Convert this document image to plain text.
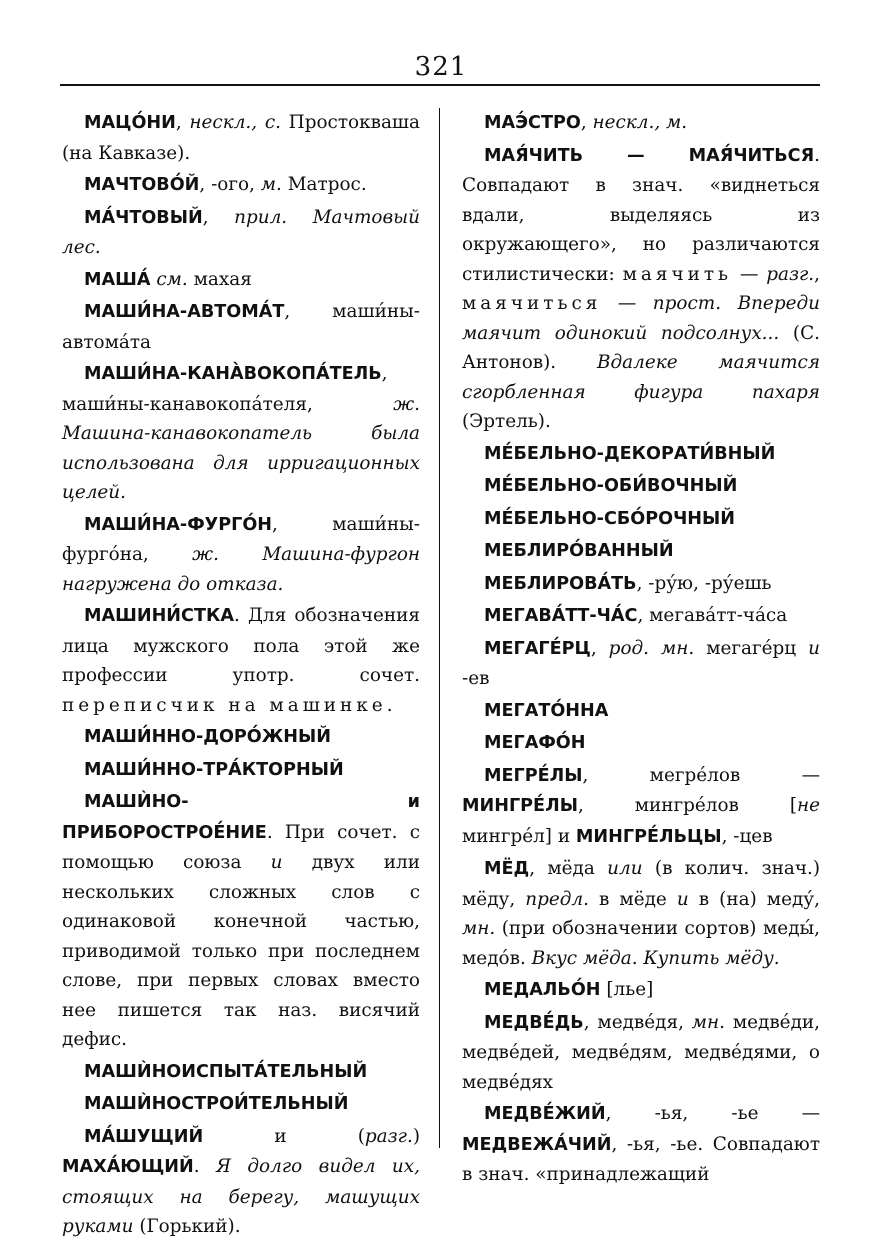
321

МАЦО́НИ, нескл., с. Простокваша (на Кавказе).

МАЧТОВО́Й, -ого, м. Матрос.

МА́ЧТОВЫЙ, прил. Мачтовый лес.

МАША́ см. махая

МАШИ́НА-АВТОМА́Т, маши́ны-автома́та

МАШИ́НА-КАНА̀ВОКОПА́ТЕЛЬ, маши́ны-канавокопа́теля, ж. Машина-канавокопатель была использована для ирригационных целей.

МАШИ́НА-ФУРГО́Н, маши́ны-фурго́на, ж. Машина-фургон нагружена до отказа.

МАШИНИ́СТКА. Для обозначения лица мужского пола этой же профессии употр. сочет. переписчик на машинке.

МАШИ́ННО-ДОРО́ЖНЫЙ

МАШИ́ННО-ТРА́КТОРНЫЙ

МАШЍНО- и ПРИБОРОСТРОЕ́НИЕ. При сочет. с помощью союза и двух или нескольких сложных слов с одинаковой конечной частью, приводимой только при последнем слове, при первых словах вместо нее пишется так наз. висячий дефис.

МАШЍНОИСПЫТА́ТЕЛЬНЫЙ

МАШЍНОСТРОИ́ТЕЛЬНЫЙ

МА́ШУЩИЙ и (разг.) МАХА́ЮЩИЙ. Я долго видел их, стоящих на берегу, машущих руками (Горький).

МАЭ́СТРО, нескл., м.

МАЯ́ЧИТЬ — МАЯ́ЧИТЬСЯ. Совпадают в знач. «виднеться вдали, выделяясь из окружающего», но различаются стилистически: маячить — разг., маячиться — прост. Впереди маячит одинокий подсолнух... (С. Антонов). Вдалеке маячится сгорбленная фигура пахаря (Эртель).

МЕ́БЕЛЬНО-ДЕКОРАТИ́ВНЫЙ

МЕ́БЕЛЬНО-ОБИ́ВОЧНЫЙ

МЕ́БЕЛЬНО-СБО́РОЧНЫЙ

МЕБЛИРО́ВАННЫЙ

МЕБЛИРОВА́ТЬ, -ру́ю, -ру́ешь

МЕГАВА́ТТ-ЧА́С, мегава́тт-ча́са

МЕГАГЕ́РЦ, род. мн. мегаге́рц и -ев

МЕГАТО́ННА

МЕГАФО́Н

МЕГРЕ́ЛЫ, мегре́лов — МИНГРЕ́ЛЫ, мингре́лов [не мингре́л] и МИНГРЕ́ЛЬЦЫ, -цев

МЁД, мёда или (в колич. знач.) мёду, предл. в мёде и в (на) меду́, мн. (при обозначении сортов) меды́, медо́в. Вкус мёда. Купить мёду.

МЕДАЛЬО́Н [лье]

МЕДВЕ́ДЬ, медве́дя, мн. медве́ди, медве́дей, медве́дям, медве́дями, о медве́дях

МЕДВЕ́ЖИЙ, -ья, -ье — МЕДВЕЖА́ЧИЙ, -ья, -ье. Совпадают в знач. «принадлежащий
